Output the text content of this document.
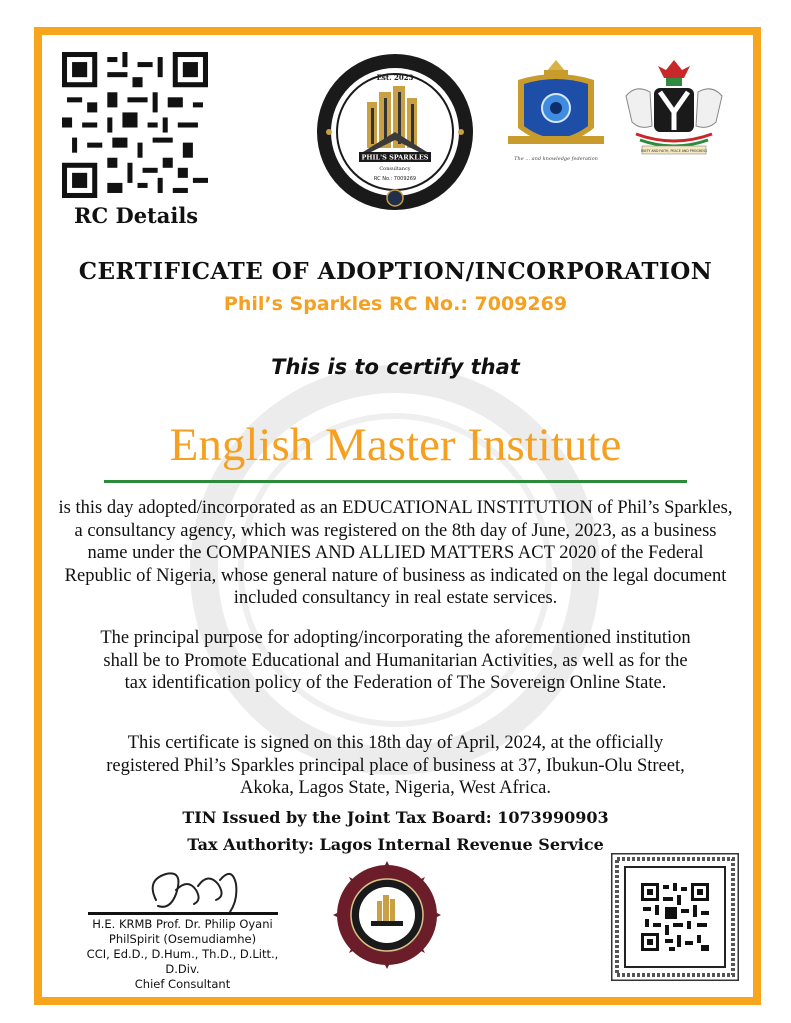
RC Details
PHIL'S SPARKLES
Consultancy
RC No.: 7009269
Est. 2023
The ... and knowledge federation
UNITY AND FAITH, PEACE AND PROGRESS
CERTIFICATE OF ADOPTION/INCORPORATION
Phil’s Sparkles RC No.: 7009269
This is to certify that
English Master Institute
is this day adopted/incorporated as an EDUCATIONAL INSTITUTION of Phil’s Sparkles, a consultancy agency, which was registered on the 8th day of June, 2023, as a business name under the COMPANIES AND ALLIED MATTERS ACT 2020 of the Federal Republic of Nigeria, whose general nature of business as indicated on the legal document included consultancy in real estate services.
The principal purpose for adopting/incorporating the aforementioned institution shall be to Promote Educational and Humanitarian Activities, as well as for the tax identification policy of the Federation of The Sovereign Online State.
This certificate is signed on this 18th day of April, 2024, at the officially registered Phil’s Sparkles principal place of business at 37, Ibukun-Olu Street, Akoka, Lagos State, Nigeria, West Africa.
TIN Issued by the Joint Tax Board: 1073990903
Tax Authority: Lagos Internal Revenue Service
H.E. KRMB Prof. Dr. Philip Oyani
PhilSpirit (Osemudiamhe)
CCI, Ed.D., D.Hum., Th.D., D.Litt., D.Div.
Chief Consultant
